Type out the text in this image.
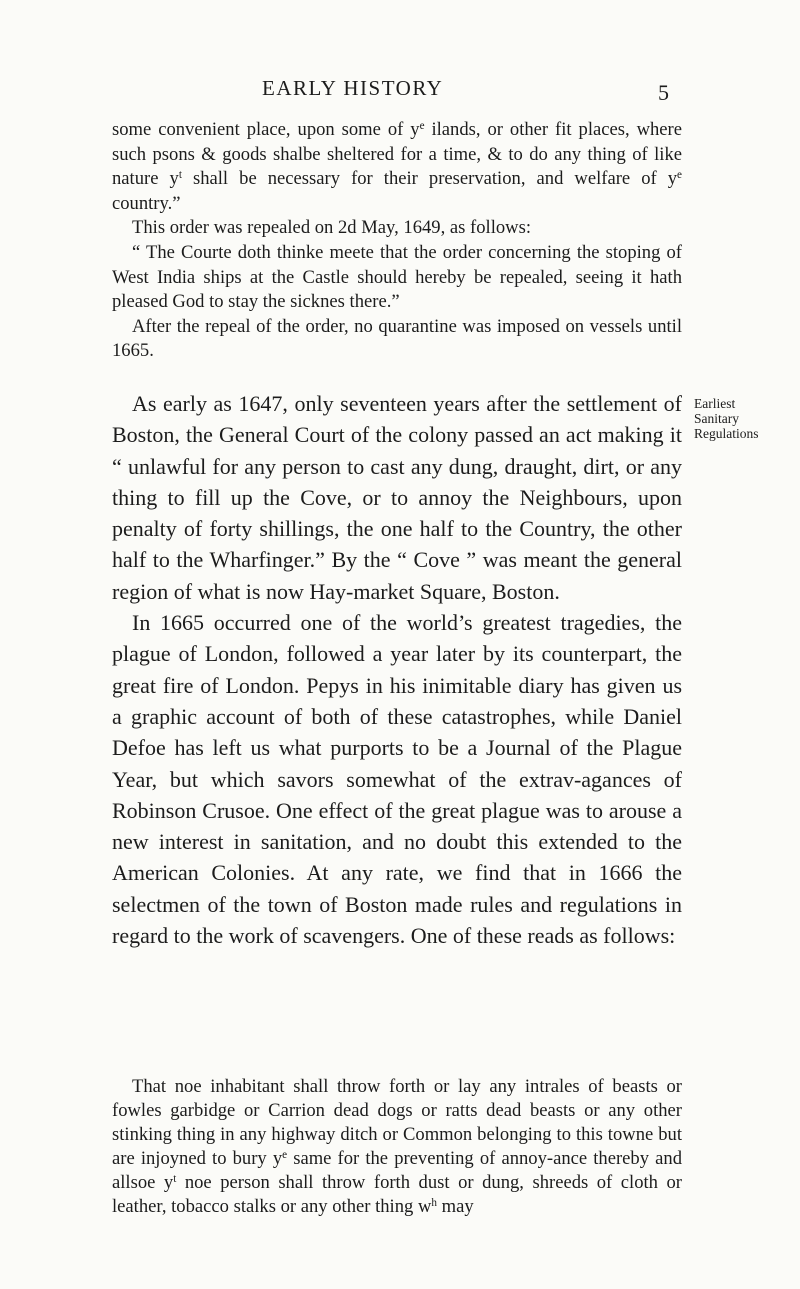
EARLY HISTORY	5

some convenient place, upon some of $y^e$ ilands, or other fit places, where such psons & goods shalbe sheltered for a time, & to do any thing of like nature $y^t$ shall be necessary for their preservation, and welfare of $y^e$ country.”

This order was repealed on 2d May, 1649, as follows:

“ The Courte doth thinke meete that the order concerning the stoping of West India ships at the Castle should hereby be repealed, seeing it hath pleased God to stay the sicknes there.”

After the repeal of the order, no quarantine was imposed on vessels until 1665.

Earliest
Sanitary
Regulations

As early as 1647, only seventeen years after the settlement of Boston, the General Court of the colony passed an act making it “ unlawful for any person to cast any dung, draught, dirt, or any thing to fill up the Cove, or to annoy the Neighbours, upon penalty of forty shillings, the one half to the Country, the other half to the Wharfinger.” By the “ Cove ” was meant the general region of what is now Hay-market Square, Boston.

In 1665 occurred one of the world’s greatest tragedies, the plague of London, followed a year later by its counterpart, the great fire of London. Pepys in his inimitable diary has given us a graphic account of both of these catastrophes, while Daniel Defoe has left us what purports to be a Journal of the Plague Year, but which savors somewhat of the extrav-agances of Robinson Crusoe. One effect of the great plague was to arouse a new interest in sanitation, and no doubt this extended to the American Colonies. At any rate, we find that in 1666 the selectmen of the town of Boston made rules and regulations in regard to the work of scavengers. One of these reads as follows:

That noe inhabitant shall throw forth or lay any intrales of beasts or fowles garbidge or Carrion dead dogs or ratts dead beasts or any other stinking thing in any highway ditch or Common belonging to this towne but are injoyned to bury $y^e$ same for the preventing of annoy-ance thereby and allsoe $y^t$ noe person shall throw forth dust or dung, shreeds of cloth or leather, tobacco stalks or any other thing $w^h$ may
